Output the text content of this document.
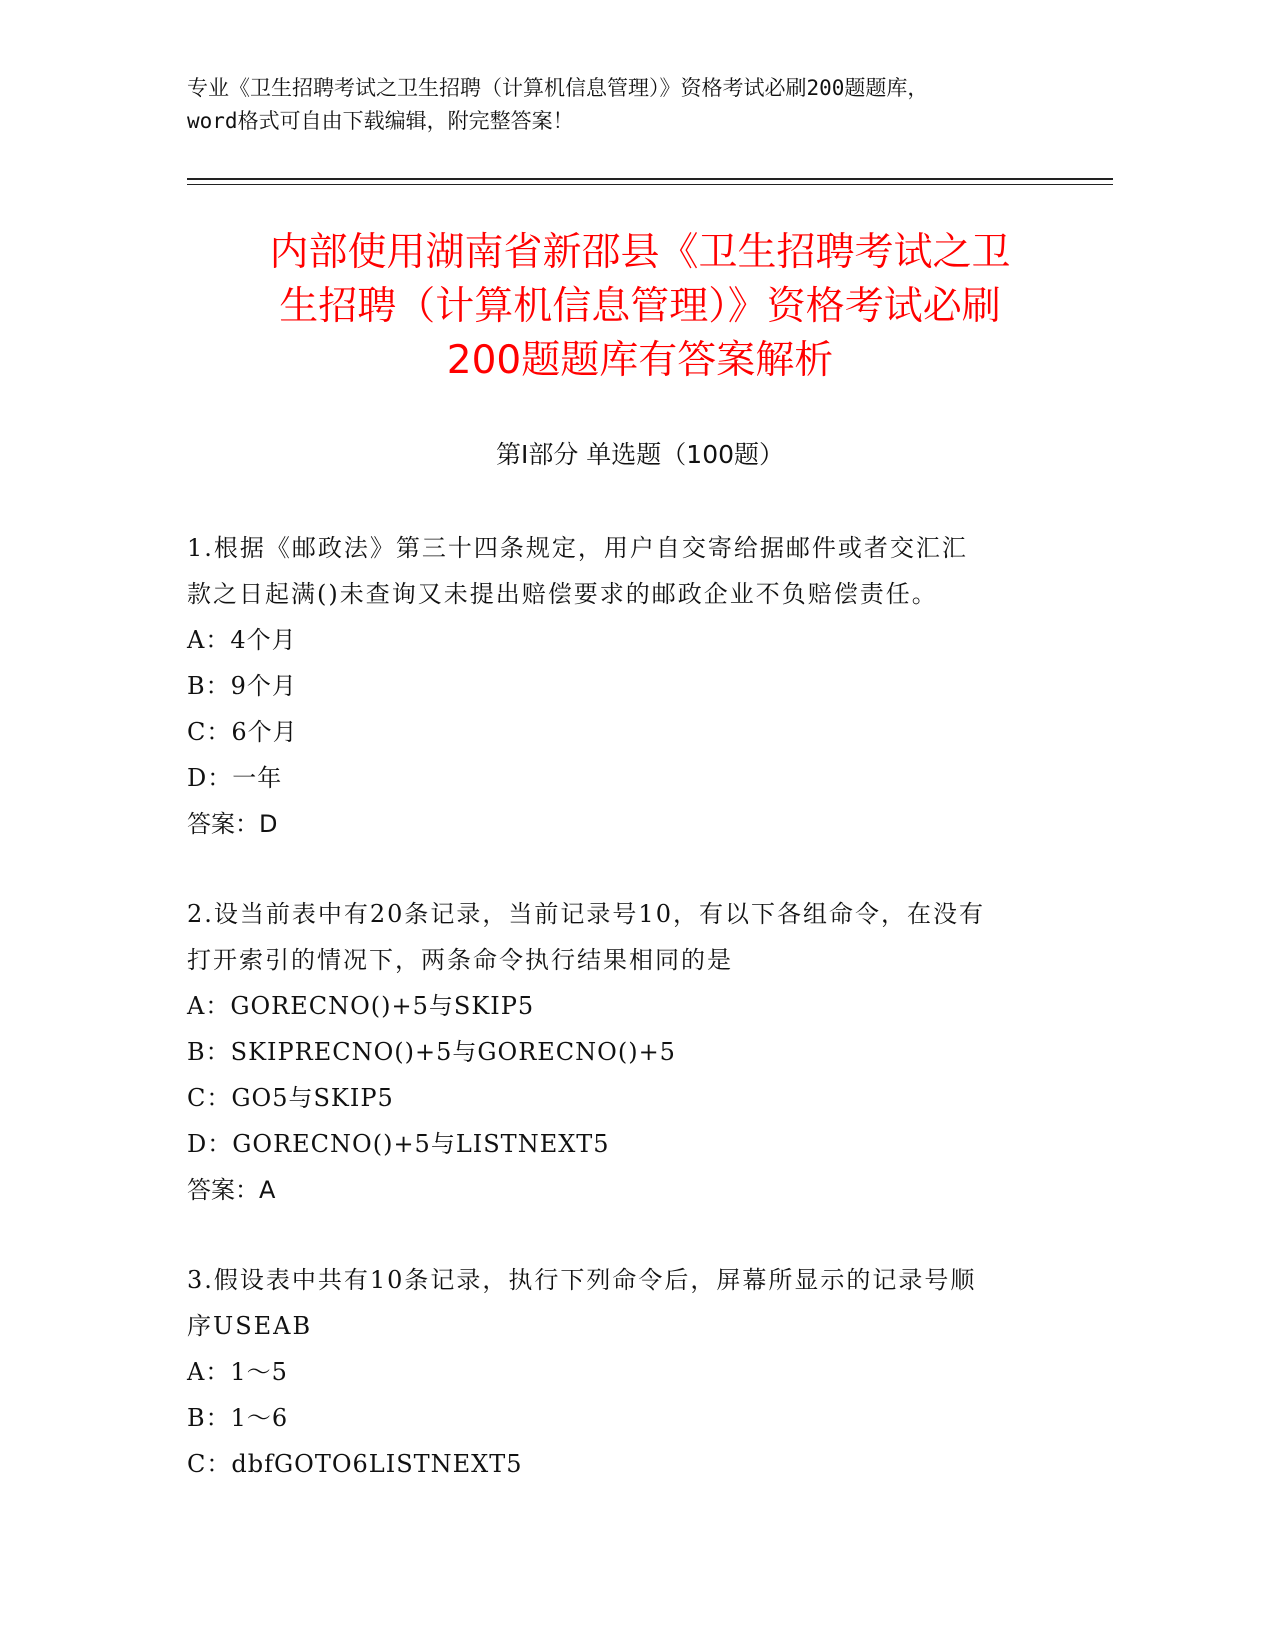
专业《卫生招聘考试之卫生招聘（计算机信息管理）》资格考试必刷200题题库，
word格式可自由下载编辑，附完整答案！
内部使用湖南省新邵县《卫生招聘考试之卫
生招聘（计算机信息管理）》资格考试必刷
200题题库有答案解析
第Ⅰ部分 单选题（100题）

1.根据《邮政法》第三十四条规定，用户自交寄给据邮件或者交汇汇

款之日起满()未查询又未提出赔偿要求的邮政企业不负赔偿责任。

A：4个月

B：9个月

C：6个月

D：一年

答案：D

2.设当前表中有20条记录，当前记录号10，有以下各组命令，在没有

打开索引的情况下，两条命令执行结果相同的是

A：GORECNO()+5与SKIP5

B：SKIPRECNO()+5与GORECNO()+5

C：GO5与SKIP5

D：GORECNO()+5与LISTNEXT5

答案：A

3.假设表中共有10条记录，执行下列命令后，屏幕所显示的记录号顺

序USEAB

A：1～5

B：1～6

C：dbfGOTO6LISTNEXT5
